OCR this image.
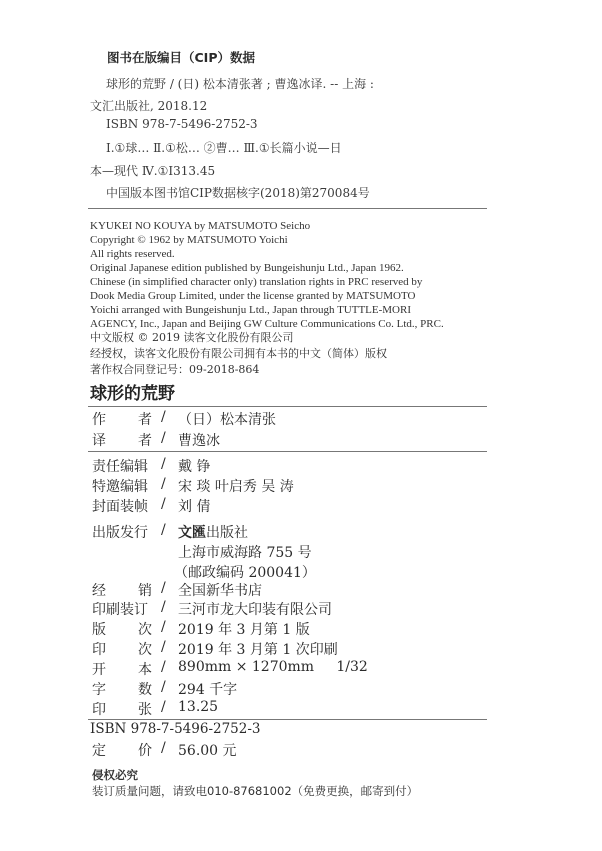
图书在版编目（CIP）数据
球形的荒野 / (日) 松本清张著 ; 曹逸冰译. -- 上海 :
文汇出版社, 2018.12
ISBN 978-7-5496-2752-3
Ⅰ.①球… Ⅱ.①松… ②曹… Ⅲ.①长篇小说—日
本—现代 Ⅳ.①I313.45
中国版本图书馆CIP数据核字(2018)第270084号
KYUKEI NO KOUYA by MATSUMOTO Seicho
Copyright © 1962 by MATSUMOTO Yoichi
All rights reserved.
Original Japanese edition published by Bungeishunju Ltd., Japan 1962.
Chinese (in simplified character only) translation rights in PRC reserved by
Dook Media Group Limited, under the license granted by MATSUMOTO
Yoichi arranged with Bungeishunju Ltd., Japan through TUTTLE-MORI
AGENCY, Inc., Japan and Beijing GW Culture Communications Co. Ltd., PRC.
中文版权 © 2019 读客文化股份有限公司
经授权，读客文化股份有限公司拥有本书的中文（简体）版权
著作权合同登记号：09-2018-864
球形的荒野
作 者 / （日）松本清张
译 者 / 曹逸冰
责任编辑 / 戴 铮
特邀编辑 / 宋 琰 叶启秀 吴 涛
封面装帧 / 刘 倩
出版发行 / 文匯出版社
上海市威海路 755 号
（邮政编码 200041）
经 销 / 全国新华书店
印刷装订 / 三河市龙大印装有限公司
版 次 / 2019 年 3 月第 1 版
印 次 / 2019 年 3 月第 1 次印刷
开 本 / 890mm × 1270mm     1/32
字 数 / 294 千字
印 张 / 13.25
ISBN 978-7-5496-2752-3
定 价 / 56.00 元
侵权必究
装订质量问题，请致电010-87681002（免费更换，邮寄到付）
